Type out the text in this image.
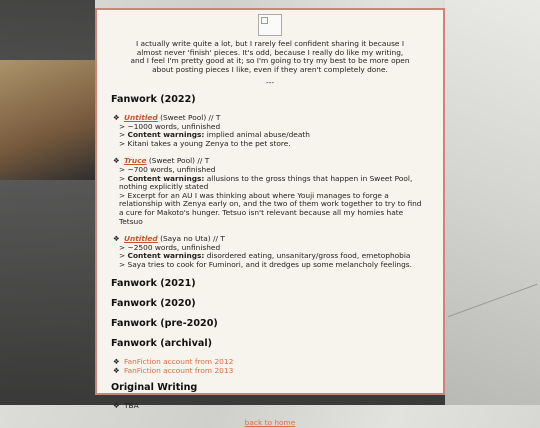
I actually write quite a lot, but I rarely feel confident sharing it because I almost never 'finish' pieces. It's odd, because I really do like my writing, and I feel I'm pretty good at it; so I'm going to try my best to be more open about posting pieces I like, even if they aren't completely done.

---
Fanwork (2022)
❖ Untitled (Sweet Pool) // T
> ~1000 words, unfinished
> Content warnings: implied animal abuse/death
> Kitani takes a young Zenya to the pet store.
❖ Truce (Sweet Pool) // T
> ~700 words, unfinished
> Content warnings: allusions to the gross things that happen in Sweet Pool, nothing explicitly stated
> Excerpt for an AU I was thinking about where Youji manages to forge a relationship with Zenya early on, and the two of them work together to try to find a cure for Makoto's hunger. Tetsuo isn't relevant because all my homies hate Tetsuo
❖ Untitled (Saya no Uta) // T
> ~2500 words, unfinished
> Content warnings: disordered eating, unsanitary/gross food, emetophobia
> Saya tries to cook for Fuminori, and it dredges up some melancholy feelings.
Fanwork (2021)
Fanwork (2020)
Fanwork (pre-2020)
Fanwork (archival)
❖ FanFiction account from 2012
❖ FanFiction account from 2013
Original Writing
❖ TBA
back to home
